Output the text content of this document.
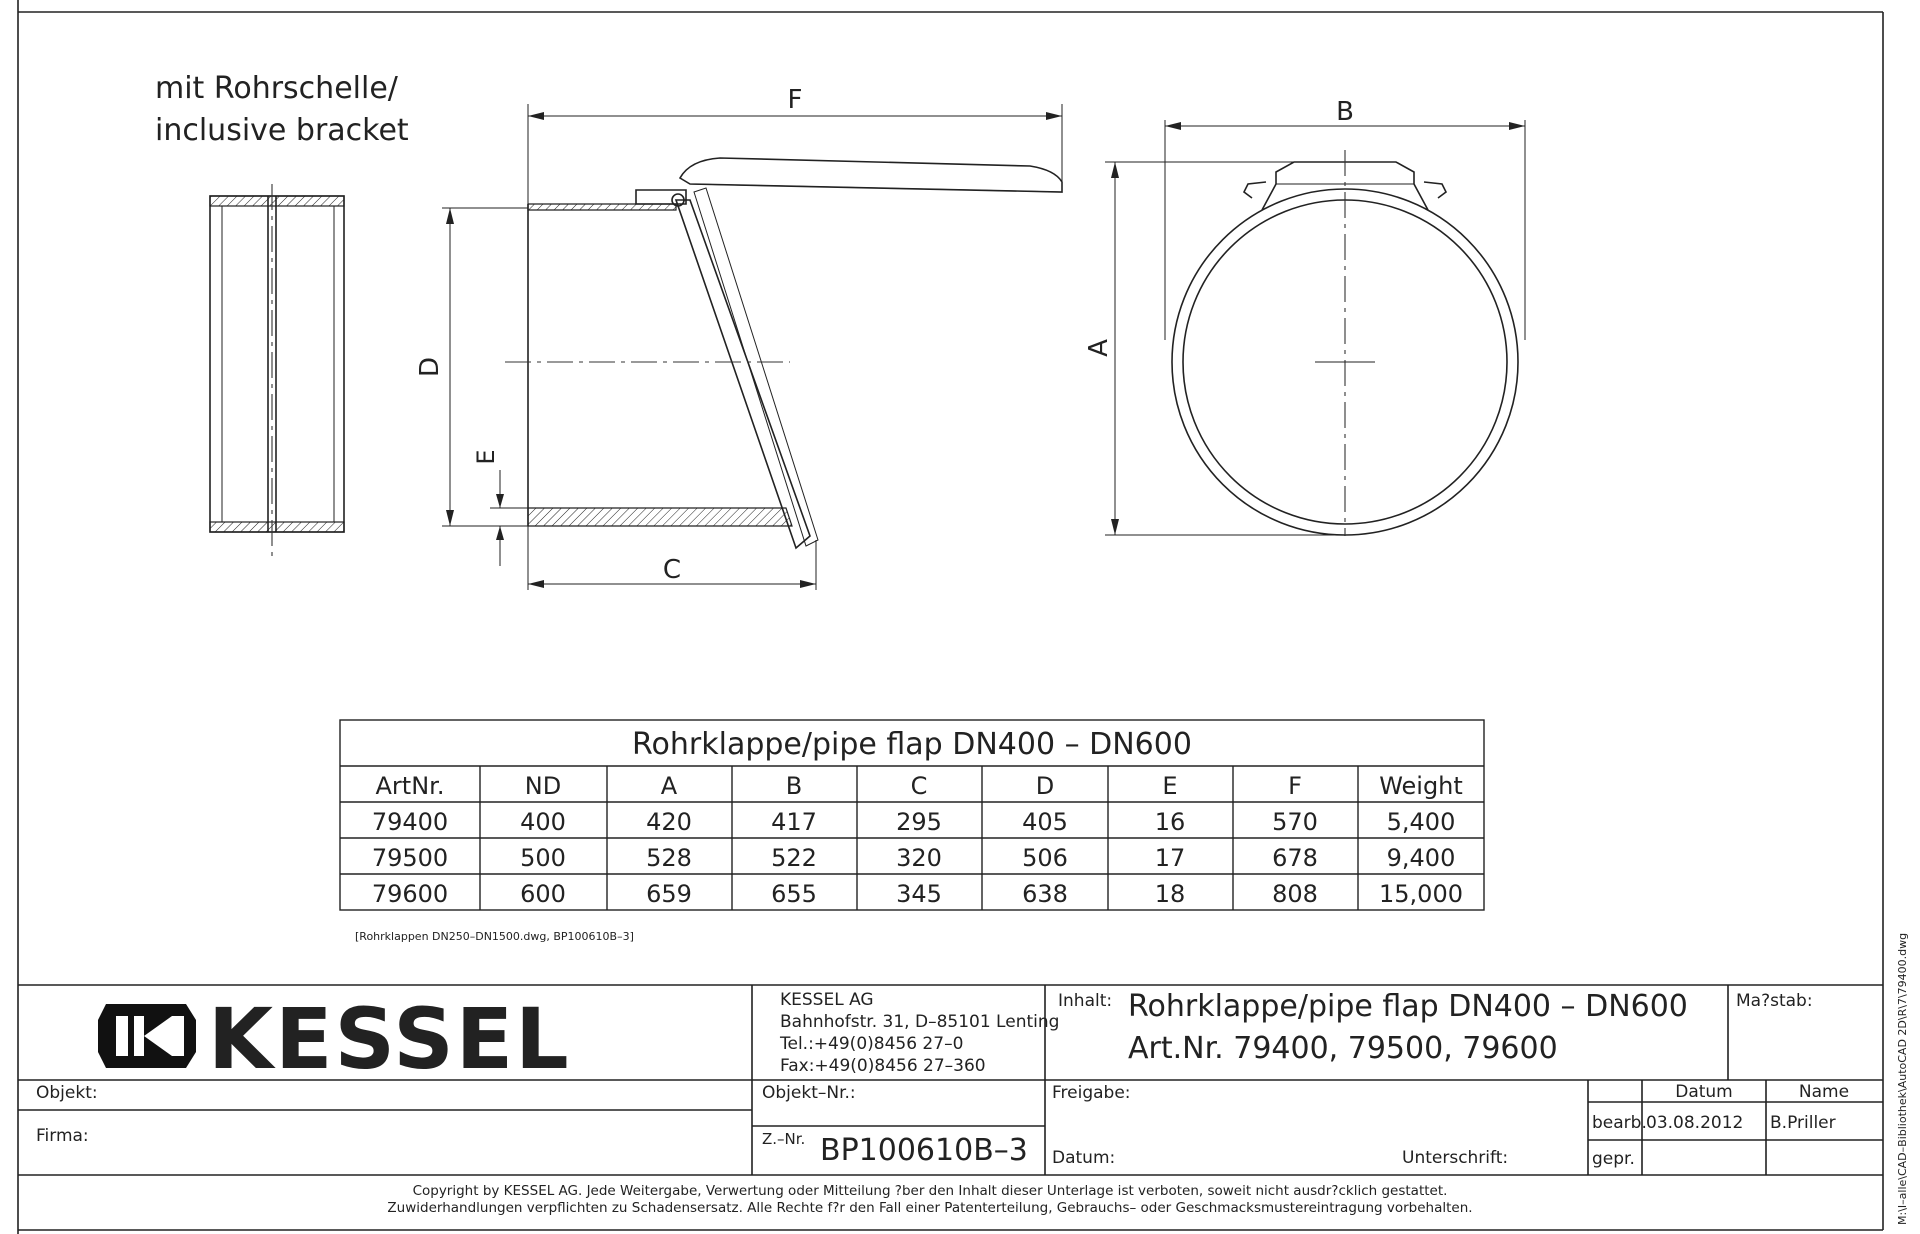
mit Rohrschelle/
inclusive bracket
F
D
E
C
B
A
Rohrklappe/pipe flap DN400 – DN600
ArtNr.	ND	A	B	C	D	E	F	Weight
79400	400	420	417	295	405	16	570	5,400
79500	500	528	522	320	506	17	678	9,400
79600	600	659	655	345	638	18	808	15,000
[Rohrklappen DN250–DN1500.dwg, BP100610B–3]	M:\I–alle\CAD–Bibliothek\AutoCAD 2D\R\7\79400.dwg
KESSEL	KESSEL AG
Bahnhofstr. 31, D–85101 Lenting
Tel.:+49(0)8456 27–0
Fax:+49(0)8456 27–360
Inhalt: Rohrklappe/pipe flap DN400 – DN600
Art.Nr. 79400, 79500, 79600
Ma?stab:
Objekt:
Firma:
Objekt–Nr.:
Z.–Nr. BP100610B–3
Freigabe:
Datum:	Unterschrift:
Datum	Name
bearb. 03.08.2012 B.Priller
gepr.
Copyright by KESSEL AG. Jede Weitergabe, Verwertung oder Mitteilung ?ber den Inhalt dieser Unterlage ist verboten, soweit nicht ausdr?cklich gestattet.
Zuwiderhandlungen verpflichten zu Schadensersatz. Alle Rechte f?r den Fall einer Patenterteilung, Gebrauchs– oder Geschmacksmustereintragung vorbehalten.
